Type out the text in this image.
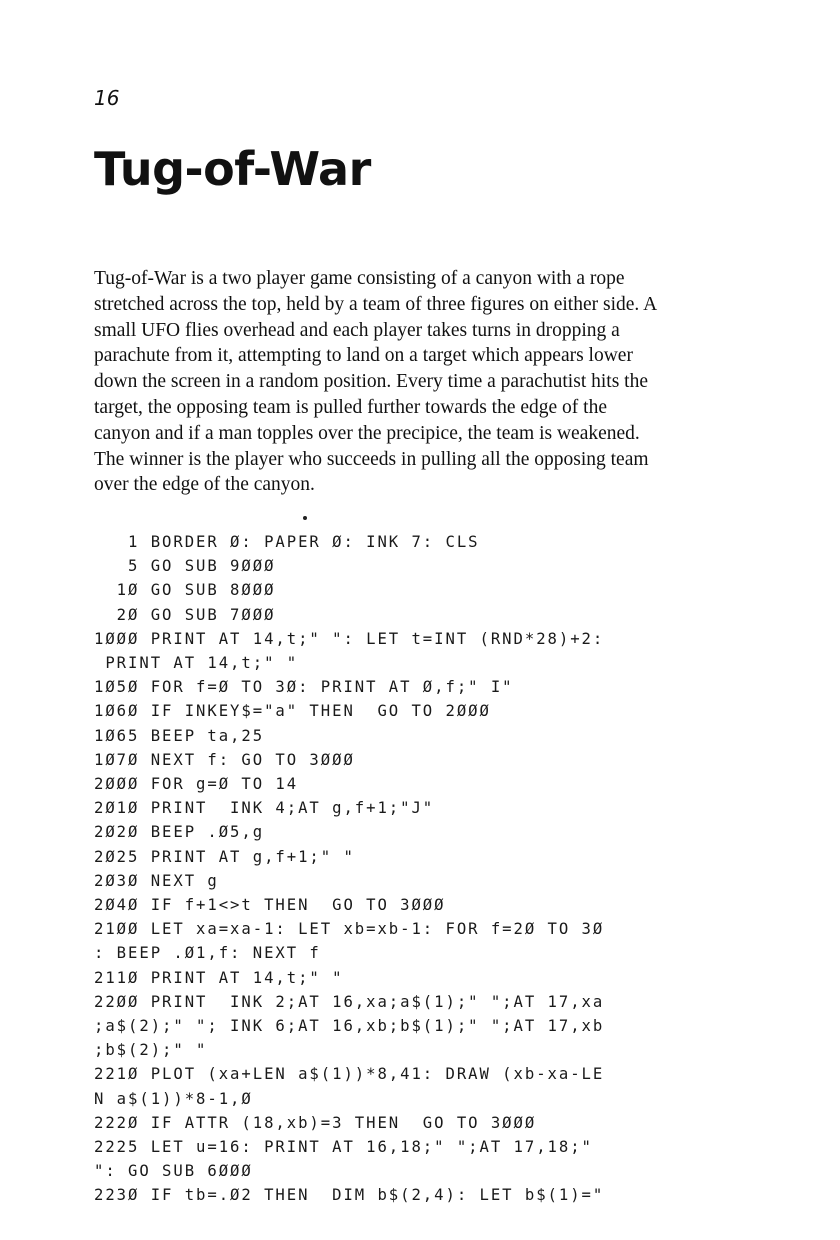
16
Tug-of-War
Tug-of-War is a two player game consisting of a canyon with a rope
stretched across the top, held by a team of three figures on either side. A
small UFO flies overhead and each player takes turns in dropping a
parachute from it, attempting to land on a target which appears lower
down the screen in a random position. Every time a parachutist hits the
target, the opposing team is pulled further towards the edge of the
canyon and if a man topples over the precipice, the team is weakened.
The winner is the player who succeeds in pulling all the opposing team
over the edge of the canyon.
1 BORDER Ø: PAPER Ø: INK 7: CLS
5 GO SUB 9ØØØ
1Ø GO SUB 8ØØØ
2Ø GO SUB 7ØØØ
1ØØØ PRINT AT 14,t;" ": LET t=INT (RND*28)+2:
PRINT AT 14,t;" "
1Ø5Ø FOR f=Ø TO 3Ø: PRINT AT Ø,f;" I"
1Ø6Ø IF INKEY$="a" THEN  GO TO 2ØØØ
1Ø65 BEEP ta,25
1Ø7Ø NEXT f: GO TO 3ØØØ
2ØØØ FOR g=Ø TO 14
2Ø1Ø PRINT  INK 4;AT g,f+1;"J"
2Ø2Ø BEEP .Ø5,g
2Ø25 PRINT AT g,f+1;" "
2Ø3Ø NEXT g
2Ø4Ø IF f+1<>t THEN  GO TO 3ØØØ
21ØØ LET xa=xa-1: LET xb=xb-1: FOR f=2Ø TO 3Ø
: BEEP .Ø1,f: NEXT f
211Ø PRINT AT 14,t;" "
22ØØ PRINT  INK 2;AT 16,xa;a$(1);" ";AT 17,xa
;a$(2);" "; INK 6;AT 16,xb;b$(1);" ";AT 17,xb
;b$(2);" "
221Ø PLOT (xa+LEN a$(1))*8,41: DRAW (xb-xa-LE
N a$(1))*8-1,Ø
222Ø IF ATTR (18,xb)=3 THEN  GO TO 3ØØØ
2225 LET u=16: PRINT AT 16,18;" ";AT 17,18;"
": GO SUB 6ØØØ
223Ø IF tb=.Ø2 THEN  DIM b$(2,4): LET b$(1)="
